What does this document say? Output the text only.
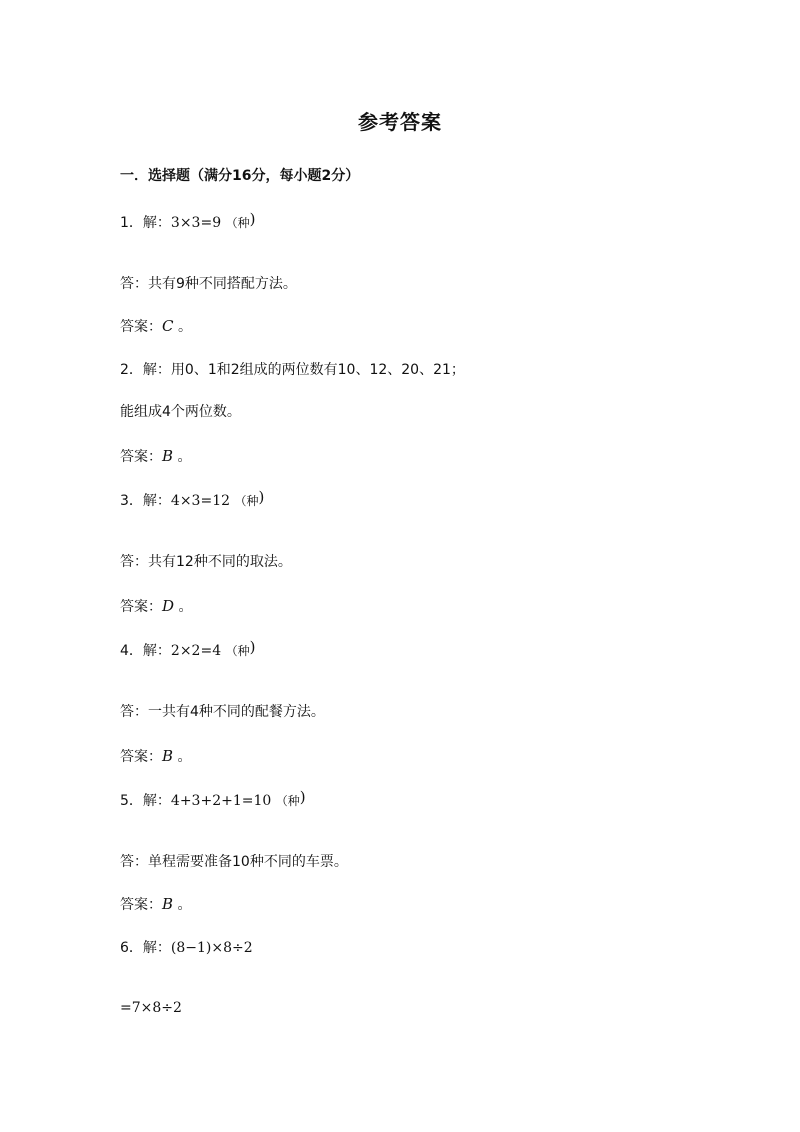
参考答案
一．选择题（满分16分，每小题2分）
1．解：3×3=9 （种)
答：共有9种不同搭配方法。
答案：C 。
2．解：用0、1和2组成的两位数有10、12、20、21；
能组成4个两位数。
答案：B 。
3．解：4×3=12 （种)
答：共有12种不同的取法。
答案：D 。
4．解：2×2=4 （种)
答：一共有4种不同的配餐方法。
答案：B 。
5．解：4+3+2+1=10 （种)
答：单程需要准备10种不同的车票。
答案：B 。
6．解：(8−1)×8÷2
=7×8÷2
